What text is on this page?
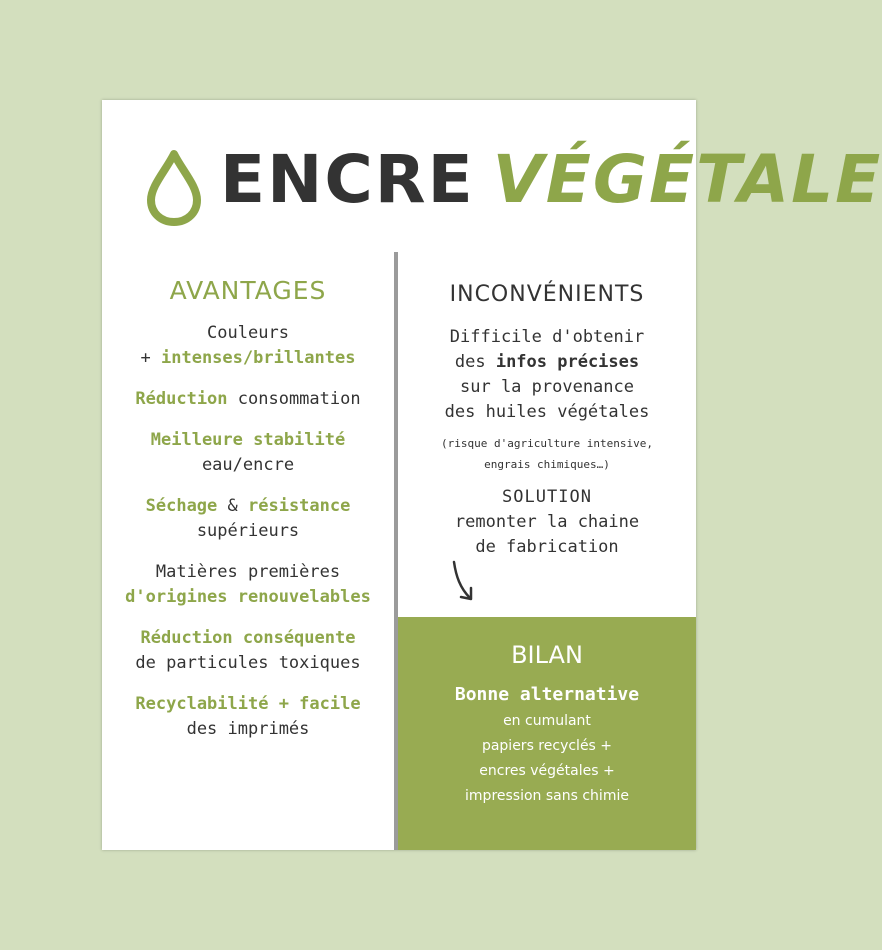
ENCRE VÉGÉTALE
AVANTAGES
Couleurs
+ intenses/brillantes
Réduction consommation
Meilleure stabilité
eau/encre
Séchage & résistance
supérieurs
Matières premières
d'origines renouvelables
Réduction conséquente
de particules toxiques
Recyclabilité + facile
des imprimés
INCONVÉNIENTS
Difficile d'obtenir
des infos précises
sur la provenance
des huiles végétales
(risque d'agriculture intensive,
engrais chimiques…)
SOLUTION
remonter la chaine
de fabrication
BILAN
Bonne alternative
en cumulant
papiers recyclés +
encres végétales +
impression sans chimie
